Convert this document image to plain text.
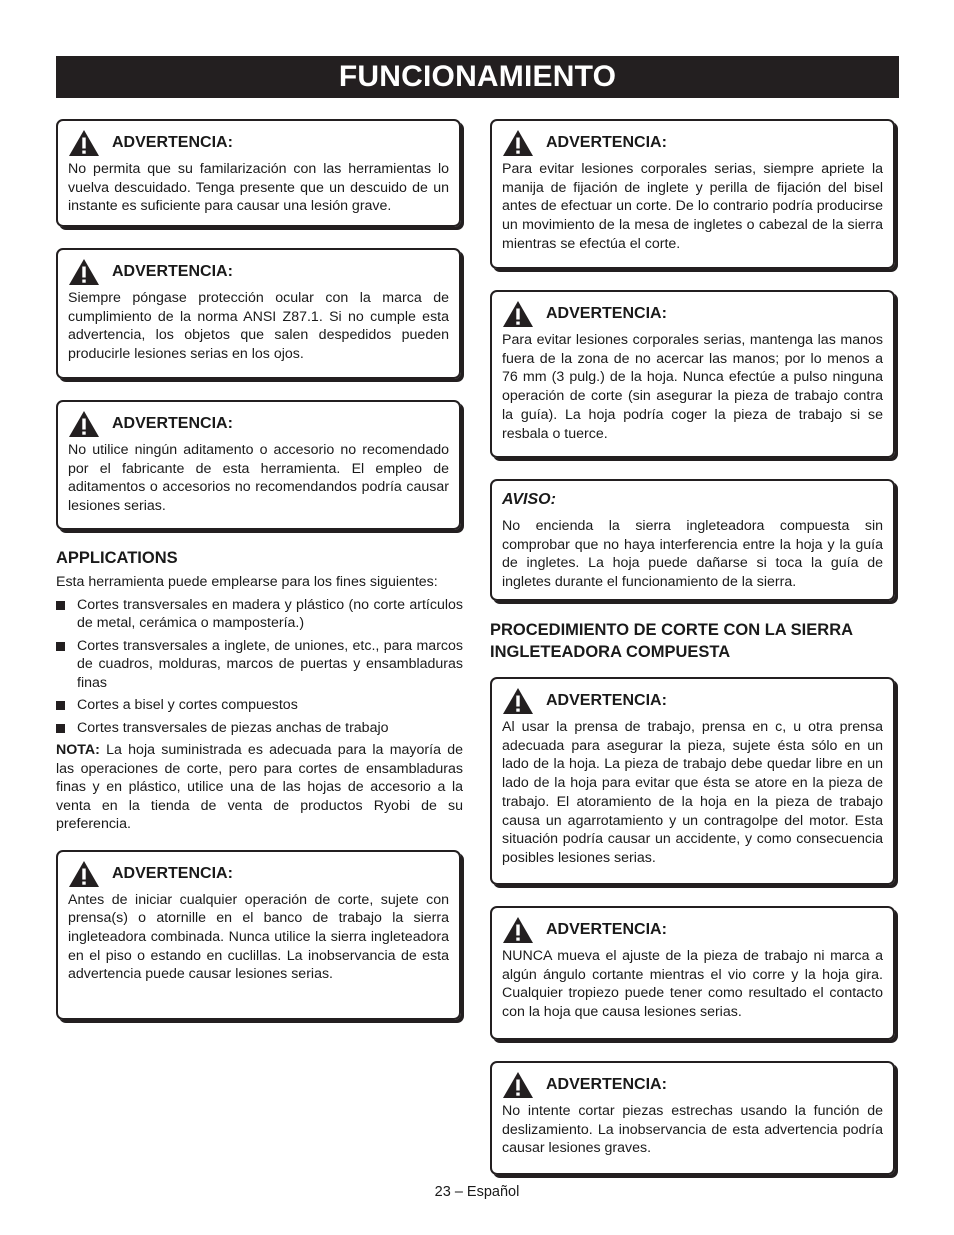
FUNCIONAMIENTO
ADVERTENCIA:

No permita que su familarización con las herramientas lo vuelva descuidado. Tenga presente que un descuido de un instante es suficiente para causar una lesión grave.

ADVERTENCIA:

Siempre póngase protección ocular con la marca de cumplimiento de la norma ANSI Z87.1. Si no cumple esta advertencia, los objetos que salen despedidos pueden producirle lesiones serias en los ojos.

ADVERTENCIA:

No utilice ningún aditamento o accesorio no recomendado por el fabricante de esta herramienta. El empleo de aditamentos o accesorios no recomendandos podría causar lesiones serias.

APPLICATIONS

Esta herramienta puede emplearse para los fines siguientes:

Cortes transversales en madera y plástico (no corte artículos de metal, cerámica o mampostería.)
Cortes transversales a inglete, de uniones, etc., para marcos de cuadros, molduras, marcos de puertas y ensambladuras finas
Cortes a bisel y cortes compuestos
Cortes transversales de piezas anchas de trabajo

NOTA: La hoja suministrada es adecuada para la mayoría de las operaciones de corte, pero para cortes de ensambladuras finas y en plástico, utilice una de las hojas de accesorio a la venta en la tienda de venta de productos Ryobi de su preferencia.

ADVERTENCIA:

Antes de iniciar cualquier operación de corte, sujete con prensa(s) o atornille en el banco de trabajo la sierra ingleteadora combinada. Nunca utilice la sierra ingleteadora en el piso o estando en cuclillas. La inobservancia de esta advertencia puede causar lesiones serias.

ADVERTENCIA:

Para evitar lesiones corporales serias, siempre apriete la manija de fijación de inglete y perilla de fijación del bisel antes de efectuar un corte. De lo contrario podría producirse un movimiento de la mesa de ingletes o cabezal de la sierra mientras se efectúa el corte.

ADVERTENCIA:

Para evitar lesiones corporales serias, mantenga las manos fuera de la zona de no acercar las manos; por lo menos a 76 mm (3 pulg.) de la hoja. Nunca efectúe a pulso ninguna operación de corte (sin asegurar la pieza de trabajo contra la guía). La hoja podría coger la pieza de trabajo si se resbala o tuerce.

AVISO:

No encienda la sierra ingleteadora compuesta sin comprobar que no haya interferencia entre la hoja y la guía de ingletes. La hoja puede dañarse si toca la guía de ingletes durante el funcionamiento de la sierra.

PROCEDIMIENTO DE CORTE CON LA SIERRA INGLETEADORA COMPUESTA
ADVERTENCIA:

Al usar la prensa de trabajo, prensa en c, u otra prensa adecuada para asegurar la pieza, sujete ésta sólo en un lado de la hoja. La pieza de trabajo debe quedar libre en un lado de la hoja para evitar que ésta se atore en la pieza de trabajo. El atoramiento de la hoja en la pieza de trabajo causa un agarrotamiento y un contragolpe del motor. Esta situación podría causar un accidente, y como consecuencia posibles lesiones serias.

ADVERTENCIA:

NUNCA mueva el ajuste de la pieza de trabajo ni marca a algún ángulo cortante mientras el vio corre y la hoja gira. Cualquier tropiezo puede tener como resultado el contacto con la hoja que causa lesiones serias.

ADVERTENCIA:

No intente cortar piezas estrechas usando la función de deslizamiento. La inobservancia de esta advertencia podría causar lesiones graves.

23 – Español
